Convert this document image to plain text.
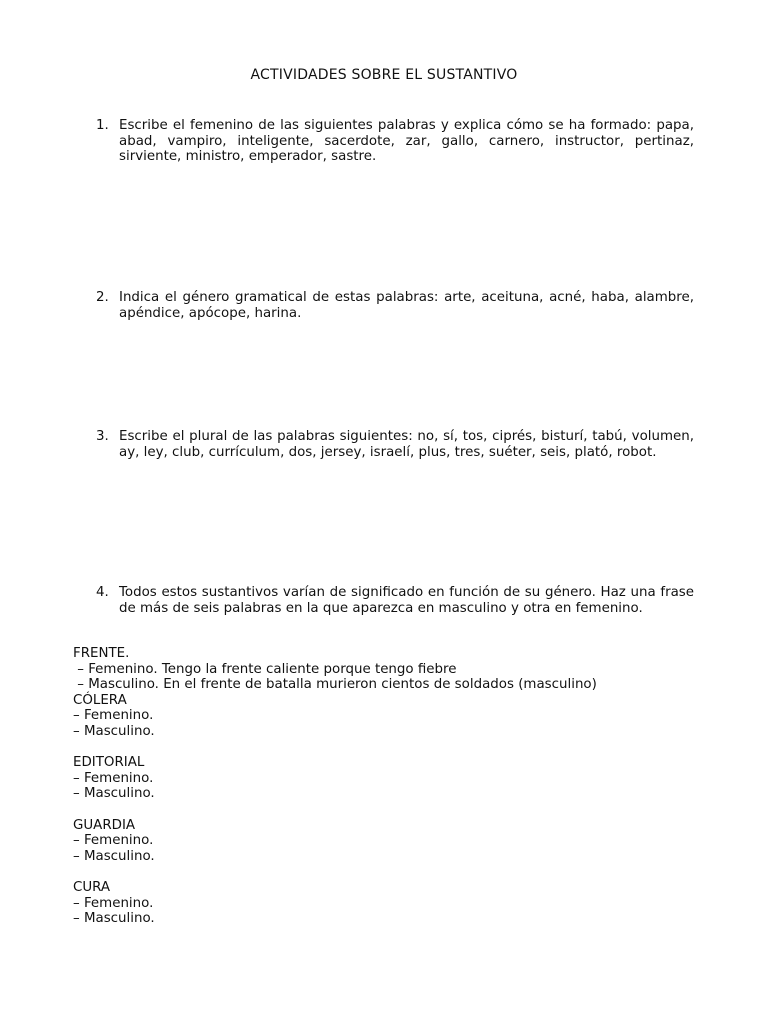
ACTIVIDADES SOBRE EL SUSTANTIVO
1. Escribe el femenino de las siguientes palabras y explica cómo se ha formado: papa, abad, vampiro, inteligente, sacerdote, zar, gallo, carnero, instructor, pertinaz, sirviente, ministro, emperador, sastre.
2. Indica el género gramatical de estas palabras: arte, aceituna, acné, haba, alambre, apéndice, apócope, harina.
3. Escribe el plural de las palabras siguientes: no, sí, tos, ciprés, bisturí, tabú, volumen, ay, ley, club, currículum, dos, jersey, israelí, plus, tres, suéter, seis, plató, robot.
4. Todos estos sustantivos varían de significado en función de su género. Haz una frase de más de seis palabras en la que aparezca en masculino y otra en femenino.
FRENTE.
– Femenino. Tengo la frente caliente porque tengo fiebre
– Masculino. En el frente de batalla murieron cientos de soldados (masculino)
CÓLERA
– Femenino.
– Masculino.
EDITORIAL
– Femenino.
– Masculino.
GUARDIA
– Femenino.
– Masculino.
CURA
– Femenino.
– Masculino.
